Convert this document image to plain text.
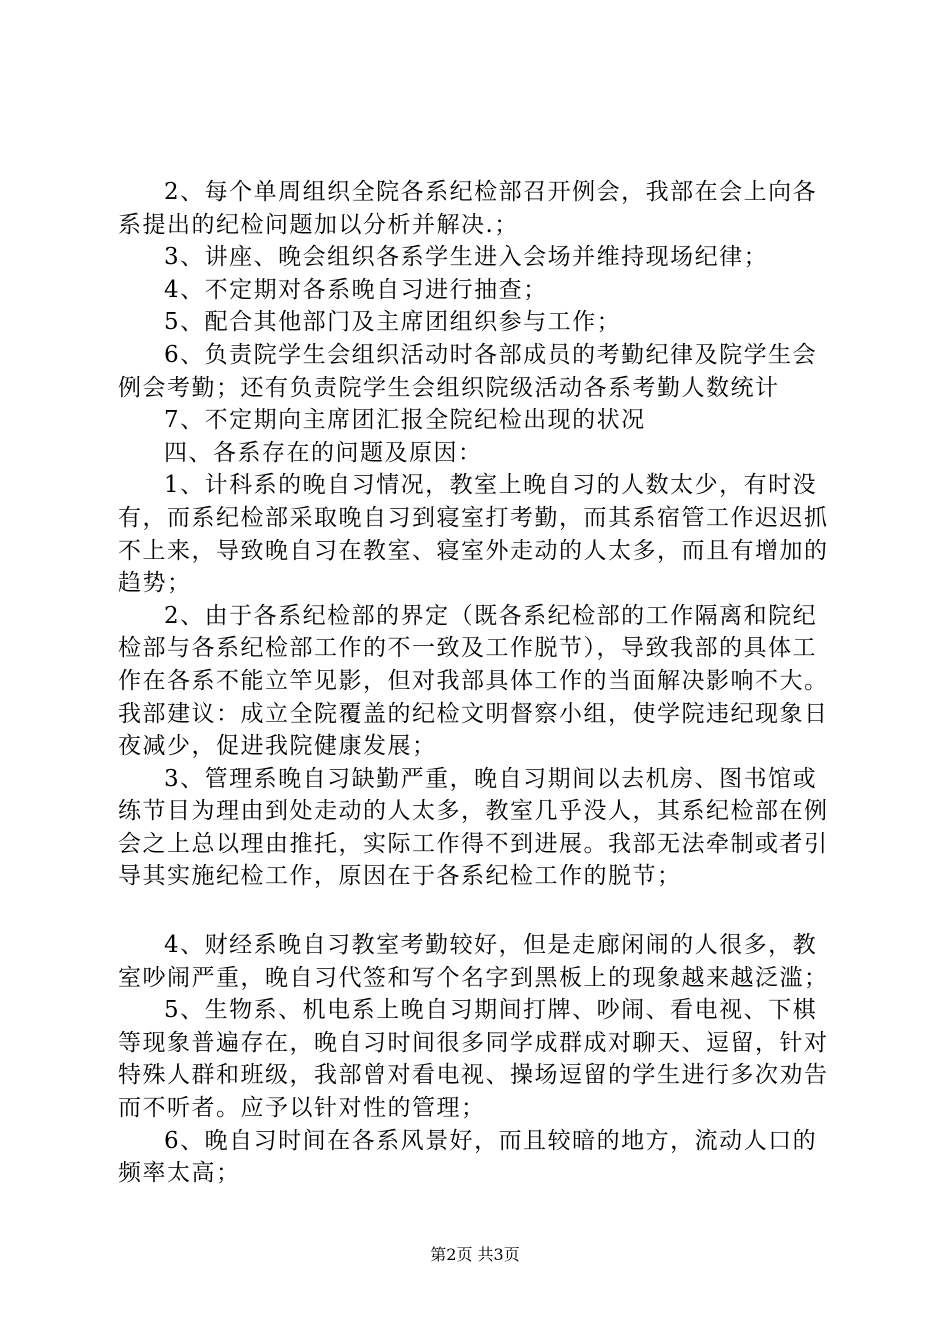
2、每个单周组织全院各系纪检部召开例会，我部在会上向各系提出的纪检问题加以分析并解决.；

3、讲座、晚会组织各系学生进入会场并维持现场纪律；

4、不定期对各系晚自习进行抽查；

5、配合其他部门及主席团组织参与工作；

6、负责院学生会组织活动时各部成员的考勤纪律及院学生会例会考勤；还有负责院学生会组织院级活动各系考勤人数统计

7、不定期向主席团汇报全院纪检出现的状况

四、各系存在的问题及原因：

1、计科系的晚自习情况，教室上晚自习的人数太少，有时没有，而系纪检部采取晚自习到寝室打考勤，而其系宿管工作迟迟抓不上来，导致晚自习在教室、寝室外走动的人太多，而且有增加的趋势；

2、由于各系纪检部的界定（既各系纪检部的工作隔离和院纪检部与各系纪检部工作的不一致及工作脱节），导致我部的具体工作在各系不能立竿见影，但对我部具体工作的当面解决影响不大。我部建议：成立全院覆盖的纪检文明督察小组，使学院违纪现象日夜减少，促进我院健康发展；

3、管理系晚自习缺勤严重，晚自习期间以去机房、图书馆或练节目为理由到处走动的人太多，教室几乎没人，其系纪检部在例会之上总以理由推托，实际工作得不到进展。我部无法牵制或者引导其实施纪检工作，原因在于各系纪检工作的脱节；

4、财经系晚自习教室考勤较好，但是走廊闲闹的人很多，教室吵闹严重，晚自习代签和写个名字到黑板上的现象越来越泛滥；

5、生物系、机电系上晚自习期间打牌、吵闹、看电视、下棋等现象普遍存在，晚自习时间很多同学成群成对聊天、逗留，针对特殊人群和班级，我部曾对看电视、操场逗留的学生进行多次劝告而不听者。应予以针对性的管理；

6、晚自习时间在各系风景好，而且较暗的地方，流动人口的频率太高；

第2页 共3页
